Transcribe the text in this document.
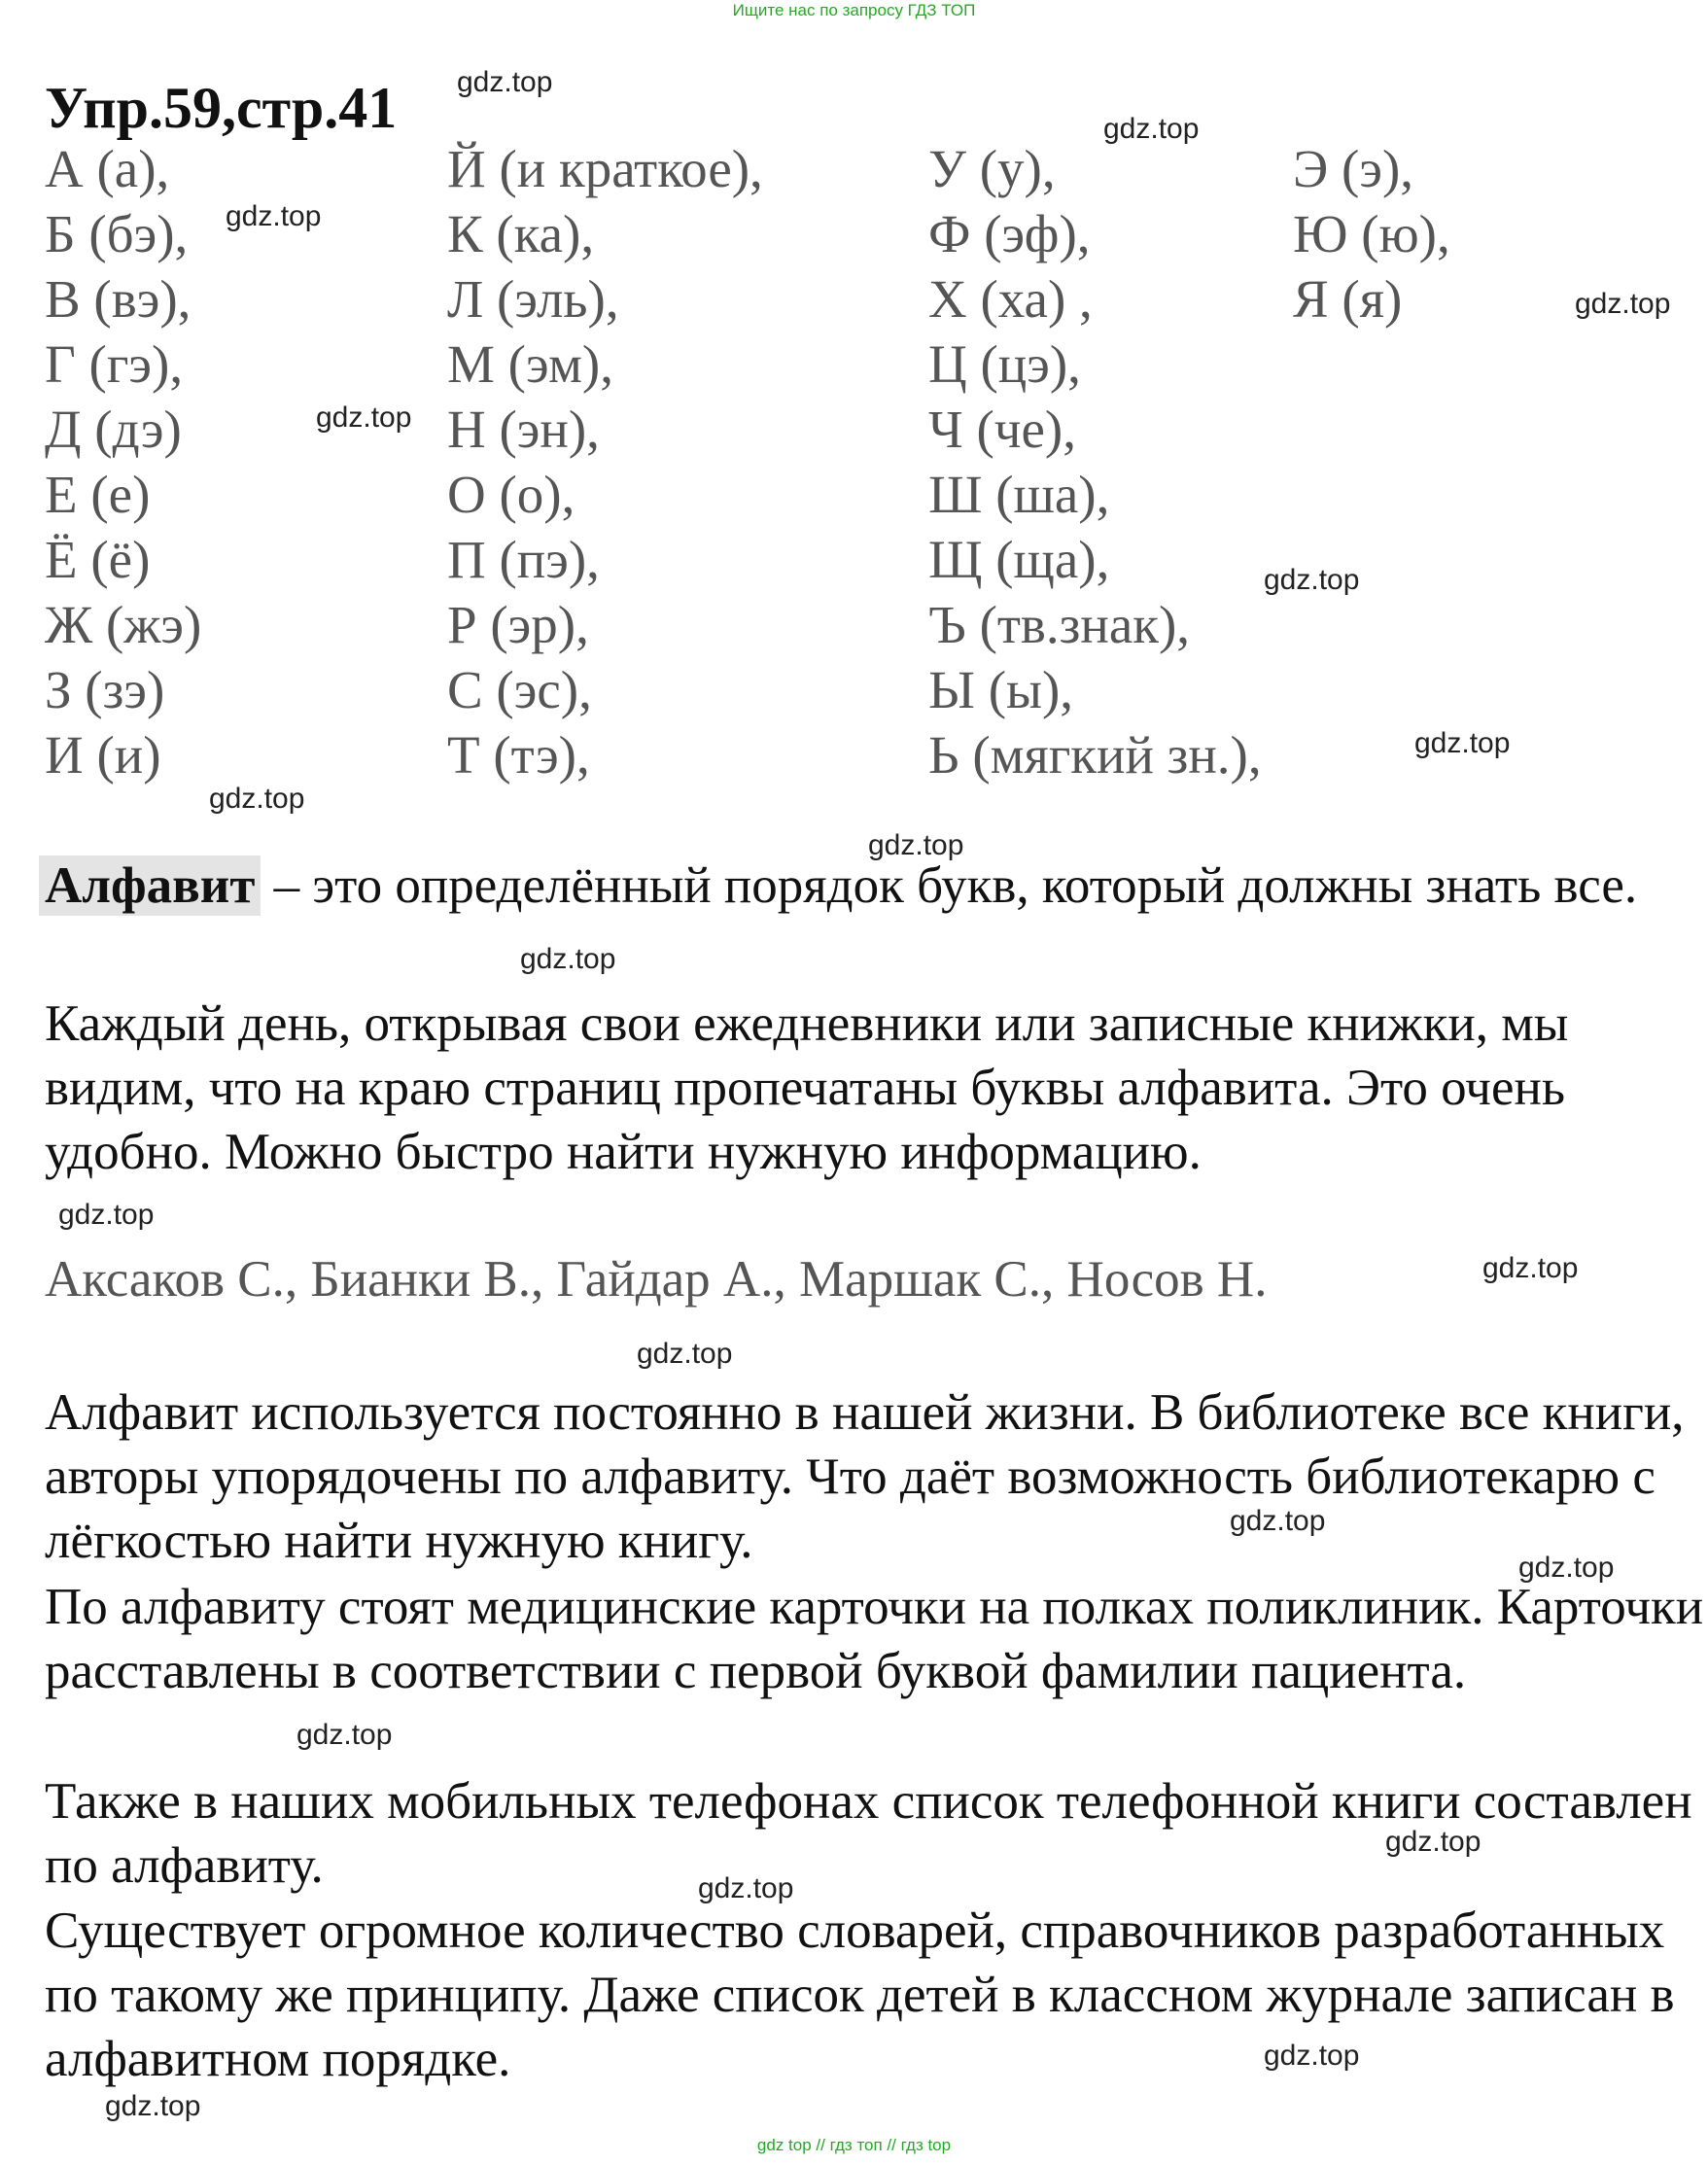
Ищите нас по запросу ГДЗ ТОП
Упр.59,стр.41
А (а),
Б (бэ),
В (вэ),
Г (гэ),
Д (дэ)
Е (е)
Ё (ё)
Ж (жэ)
З (зэ)
И (и)
Й (и краткое),
К (ка),
Л (эль),
М (эм),
Н (эн),
О (о),
П (пэ),
Р (эр),
С (эс),
Т (тэ),
У (у),
Ф (эф),
Х (ха) ,
Ц (цэ),
Ч (че),
Ш (ша),
Щ (ща),
Ъ (тв.знак),
Ы (ы),
Ь (мягкий зн.),
Э (э),
Ю (ю),
Я (я)

Алфавит – это определённый порядок букв, который должны знать все.

Каждый день, открывая свои ежедневники или записные книжки, мы видим, что на краю страниц пропечатаны буквы алфавита. Это очень удобно. Можно быстро найти нужную информацию.

Аксаков С., Бианки В., Гайдар А., Маршак С., Носов Н.

Алфавит используется постоянно в нашей жизни. В библиотеке все книги, авторы упорядочены по алфавиту. Что даёт возможность библиотекарю с лёгкостью найти нужную книгу.

По алфавиту стоят медицинские карточки на полках поликлиник. Карточки расставлены в соответствии с первой буквой фамилии пациента.

Также в наших мобильных телефонах список телефонной книги составлен по алфавиту.

Существует огромное количество словарей, справочников разработанных по такому же принципу. Даже список детей в классном журнале записан в алфавитном порядке.

gdz.top
gdz.top
gdz.top
gdz.top
gdz.top
gdz.top
gdz.top
gdz.top
gdz.top
gdz.top
gdz.top
gdz.top
gdz.top
gdz.top
gdz.top
gdz.top
gdz.top
gdz.top
gdz.top
gdz.top
gdz top // гдз топ // гдз top
